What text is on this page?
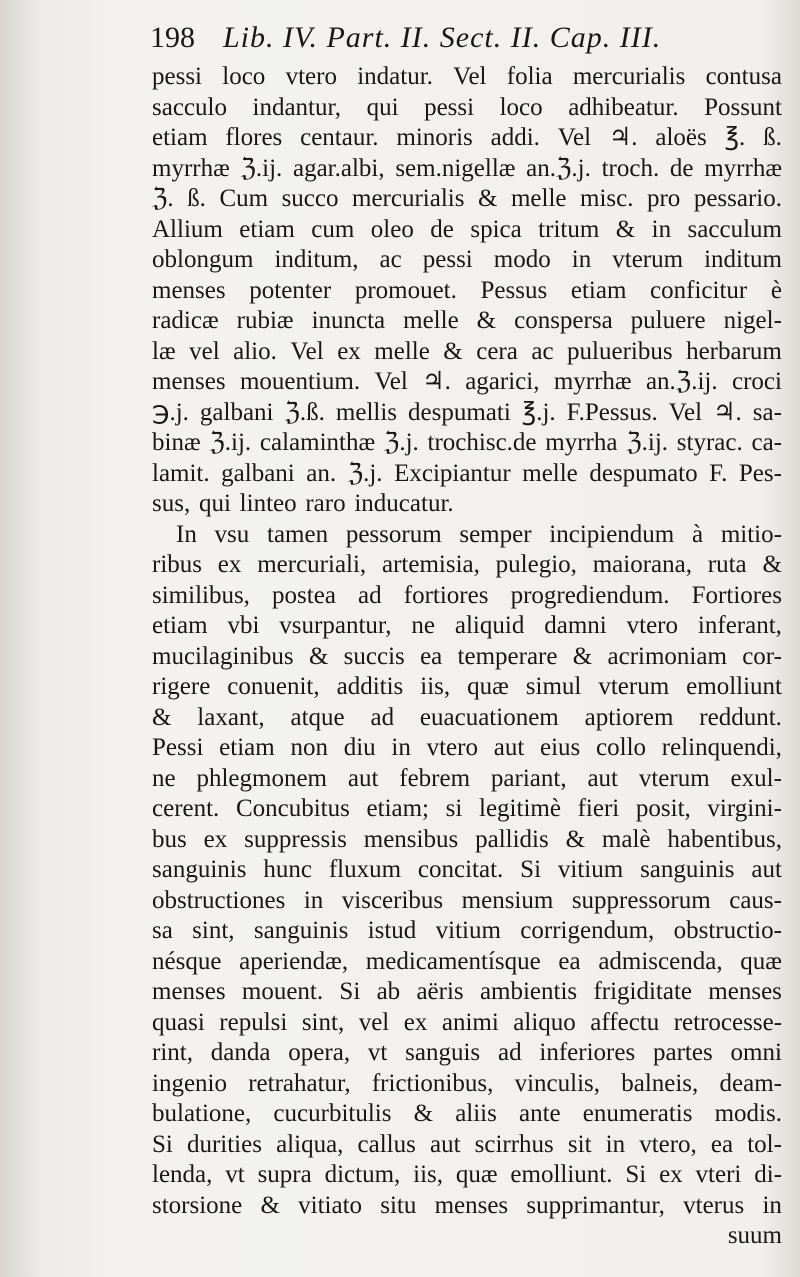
198 Lib. IV. Part. II. Sect. II. Cap. III.
pessi loco vtero indatur. Vel folia mercurialis contusa
sacculo indantur, qui pessi loco adhibeatur. Possunt
etiam flores centaur. minoris addi. Vel ♃. aloës ℥. ß.
myrrhæ ℨ.ij. agar.albi, sem.nigellæ an.ℨ.j. troch. de myrrhæ
ℨ. ß. Cum succo mercurialis & melle misc. pro pessario.
Allium etiam cum oleo de spica tritum & in sacculum
oblongum inditum, ac pessi modo in vterum inditum
menses potenter promouet. Pessus etiam conficitur è
radicæ rubiæ inuncta melle & conspersa puluere nigel-
læ vel alio. Vel ex melle & cera ac pulueribus herbarum
menses mouentium. Vel ♃. agarici, myrrhæ an.ℨ.ij. croci
℈.j. galbani ℨ.ß. mellis despumati ℥.j. F.Pessus. Vel ♃. sa-
binæ ℨ.ij. calaminthæ ℨ.j. trochisc.de myrrha ℨ.ij. styrac. ca-
lamit. galbani an. ℨ.j. Excipiantur melle despumato F. Pes-
sus, qui linteo raro inducatur.
In vsu tamen pessorum semper incipiendum à mitio-
ribus ex mercuriali, artemisia, pulegio, maiorana, ruta &
similibus, postea ad fortiores progrediendum. Fortiores
etiam vbi vsurpantur, ne aliquid damni vtero inferant,
mucilaginibus & succis ea temperare & acrimoniam cor-
rigere conuenit, additis iis, quæ simul vterum emolliunt
& laxant, atque ad euacuationem aptiorem reddunt.
Pessi etiam non diu in vtero aut eius collo relinquendi,
ne phlegmonem aut febrem pariant, aut vterum exul-
cerent. Concubitus etiam; si legitimè fieri posit, virgini-
bus ex suppressis mensibus pallidis & malè habentibus,
sanguinis hunc fluxum concitat. Si vitium sanguinis aut
obstructiones in visceribus mensium suppressorum caus-
sa sint, sanguinis istud vitium corrigendum, obstructio-
nésque aperiendæ, medicamentísque ea admiscenda, quæ
menses mouent. Si ab aëris ambientis frigiditate menses
quasi repulsi sint, vel ex animi aliquo affectu retrocesse-
rint, danda opera, vt sanguis ad inferiores partes omni
ingenio retrahatur, frictionibus, vinculis, balneis, deam-
bulatione, cucurbitulis & aliis ante enumeratis modis.
Si durities aliqua, callus aut scirrhus sit in vtero, ea tol-
lenda, vt supra dictum, iis, quæ emolliunt. Si ex vteri di-
storsione & vitiato situ menses supprimantur, vterus in
suum
